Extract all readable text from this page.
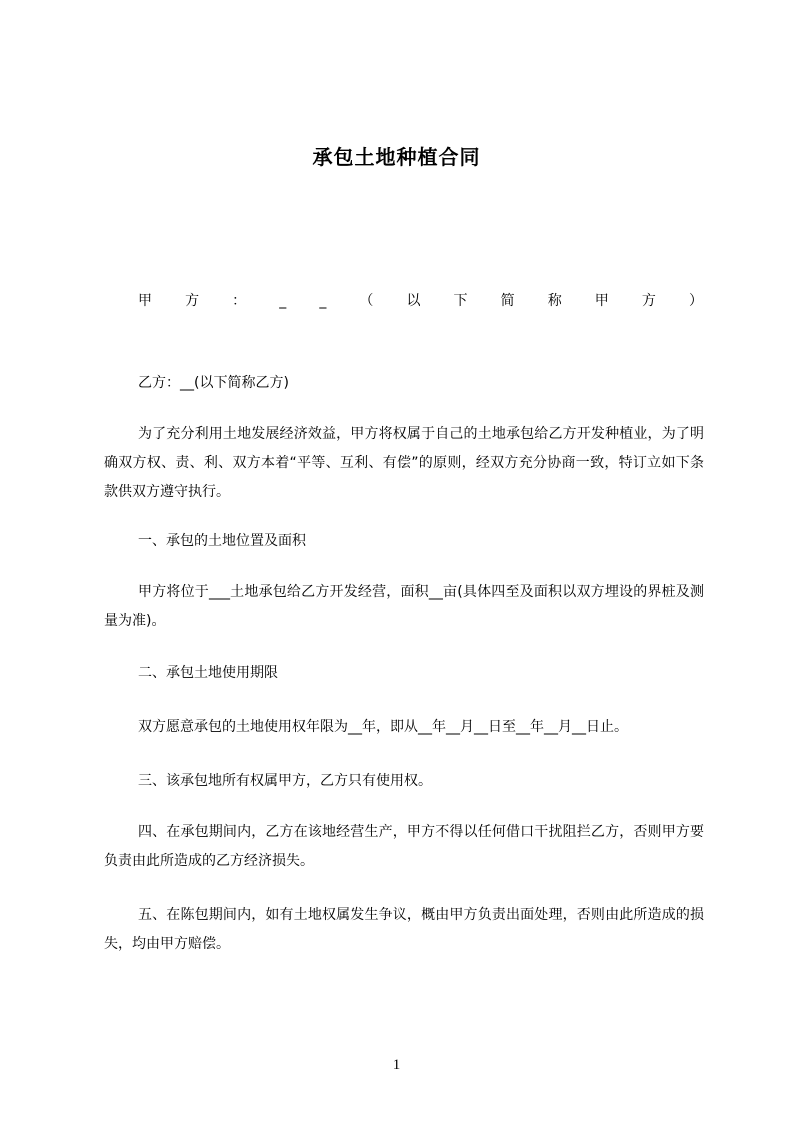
承包土地种植合同
甲 方 ： _ _ （ 以 下 简 称 甲 方 ）
乙方：__(以下简称乙方)
为了充分利用土地发展经济效益，甲方将权属于自己的土地承包给乙方开发种植业，为了明确双方权、责、利、双方本着“平等、互利、有偿”的原则，经双方充分协商一致，特订立如下条款供双方遵守执行。
一、承包的土地位置及面积
甲方将位于___土地承包给乙方开发经营，面积__亩(具体四至及面积以双方埋设的界桩及测量为准)。
二、承包土地使用期限
双方愿意承包的土地使用权年限为__年，即从__年__月__日至__年__月__日止。
三、该承包地所有权属甲方，乙方只有使用权。
四、在承包期间内，乙方在该地经营生产，甲方不得以任何借口干扰阻拦乙方，否则甲方要负责由此所造成的乙方经济损失。
五、在陈包期间内，如有土地权属发生争议，概由甲方负责出面处理，否则由此所造成的损失，均由甲方赔偿。
1
